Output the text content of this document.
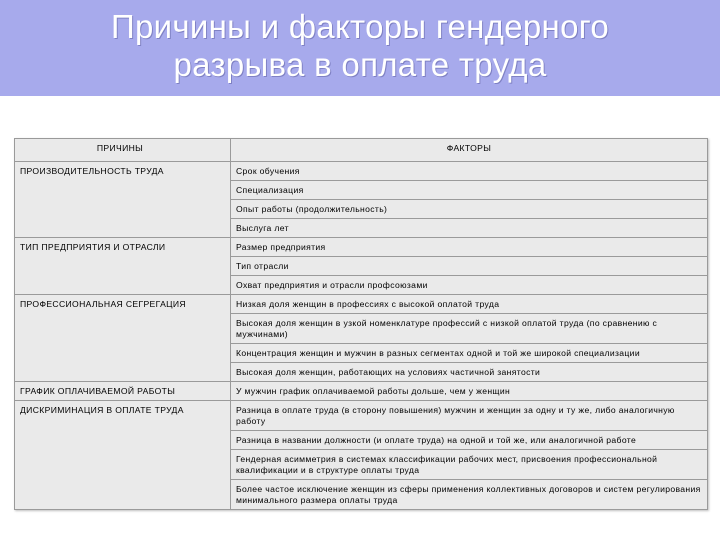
Причины и факторы гендерного
разрыва в оплате труда
ПРИЧИНЫ	ФАКТОРЫ
ПРОИЗВОДИТЕЛЬНОСТЬ ТРУДА	Срок обучения
	Специализация
	Опыт работы (продолжительность)
	Выслуга лет
ТИП ПРЕДПРИЯТИЯ И ОТРАСЛИ	Размер предприятия
	Тип отрасли
	Охват предприятия и отрасли профсоюзами
ПРОФЕССИОНАЛЬНАЯ СЕГРЕГАЦИЯ	Низкая доля женщин в профессиях с высокой оплатой труда
	Высокая доля женщин в узкой номенклатуре профессий с низкой оплатой труда (по сравнению с мужчинами)
	Концентрация женщин и мужчин в разных сегментах одной и той же широкой специализации
	Высокая доля женщин, работающих на условиях частичной занятости
ГРАФИК ОПЛАЧИВАЕМОЙ РАБОТЫ	У мужчин график оплачиваемой работы дольше, чем у женщин
ДИСКРИМИНАЦИЯ В ОПЛАТЕ ТРУДА	Разница в оплате труда (в сторону повышения) мужчин и женщин за одну и ту же, либо аналогичную работу
	Разница в названии должности (и оплате труда) на одной и той же, или аналогичной работе
	Гендерная асимметрия в системах классификации рабочих мест, присвоения профессиональной квалификации и в структуре оплаты труда
	Более частое исключение женщин из сферы применения коллективных договоров и систем регулирования минимального размера оплаты труда
